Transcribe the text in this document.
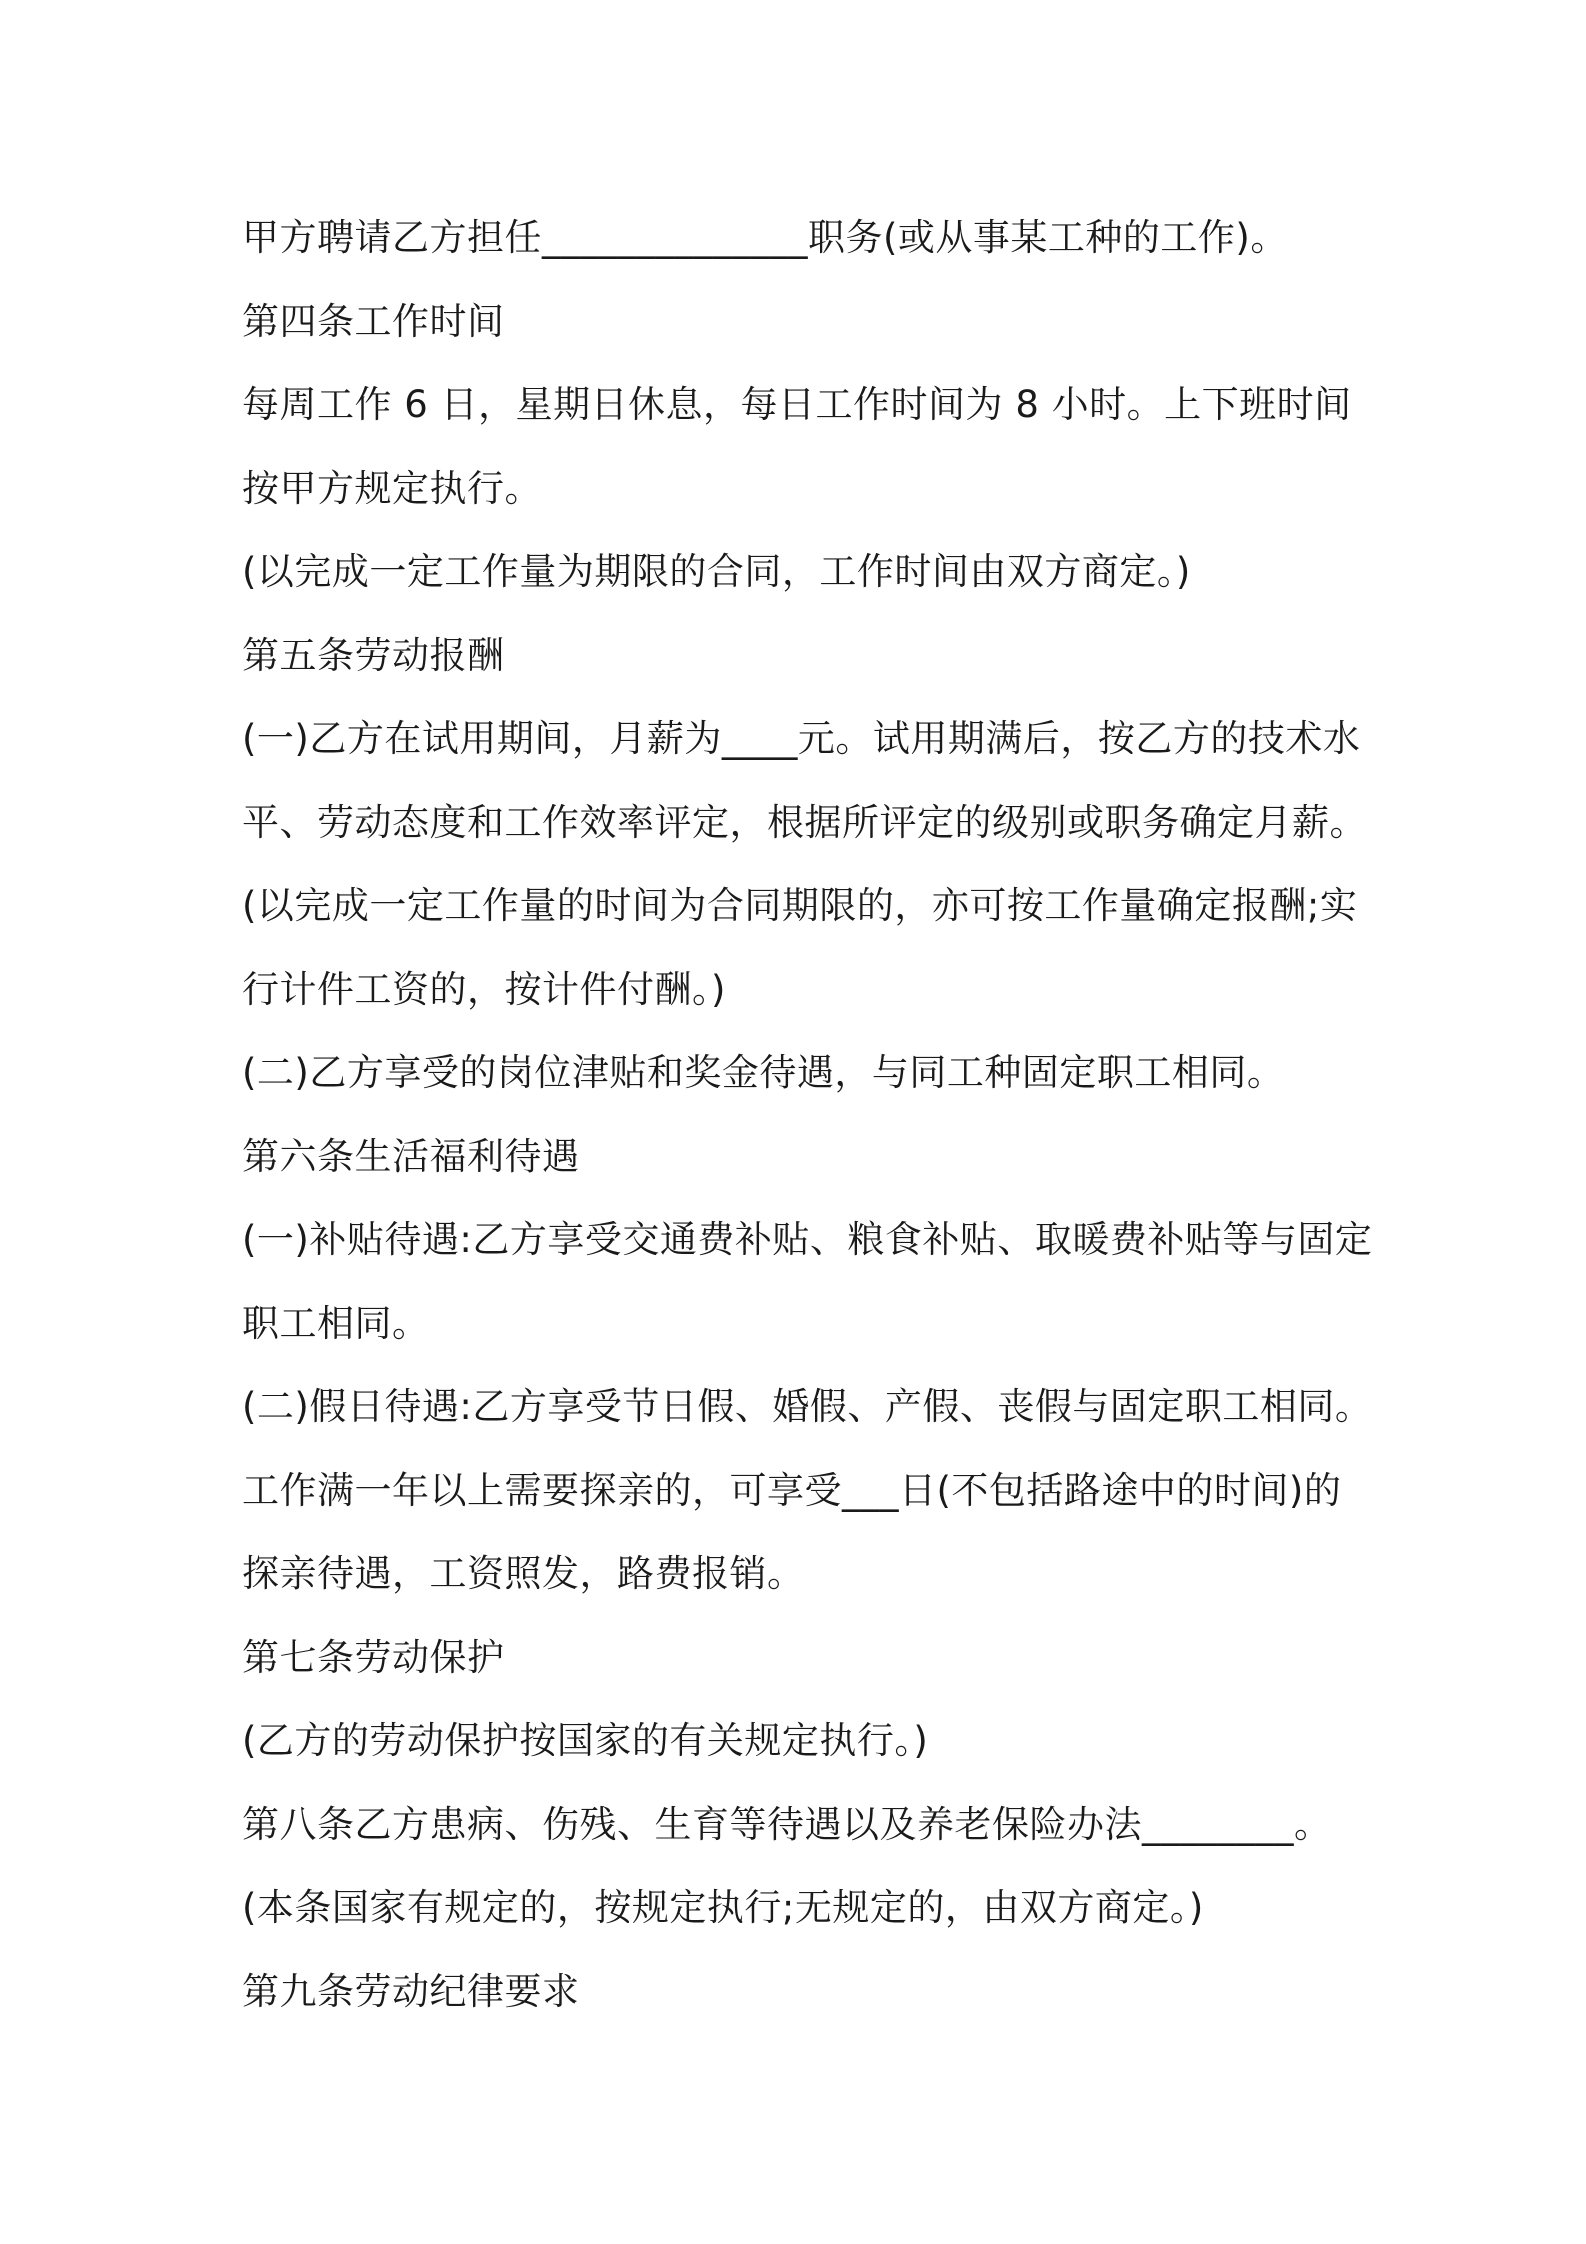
甲方聘请乙方担任______________职务(或从事某工种的工作)。
第四条工作时间
每周工作 6 日，星期日休息，每日工作时间为 8 小时。上下班时间
按甲方规定执行。
(以完成一定工作量为期限的合同，工作时间由双方商定。)
第五条劳动报酬
(一)乙方在试用期间，月薪为____元。试用期满后，按乙方的技术水
平、劳动态度和工作效率评定，根据所评定的级别或职务确定月薪。
(以完成一定工作量的时间为合同期限的，亦可按工作量确定报酬;实
行计件工资的，按计件付酬。)
(二)乙方享受的岗位津贴和奖金待遇，与同工种固定职工相同。
第六条生活福利待遇
(一)补贴待遇:乙方享受交通费补贴、粮食补贴、取暖费补贴等与固定
职工相同。
(二)假日待遇:乙方享受节日假、婚假、产假、丧假与固定职工相同。
工作满一年以上需要探亲的，可享受___日(不包括路途中的时间)的
探亲待遇，工资照发，路费报销。
第七条劳动保护
(乙方的劳动保护按国家的有关规定执行。)
第八条乙方患病、伤残、生育等待遇以及养老保险办法________。
(本条国家有规定的，按规定执行;无规定的，由双方商定。)
第九条劳动纪律要求
